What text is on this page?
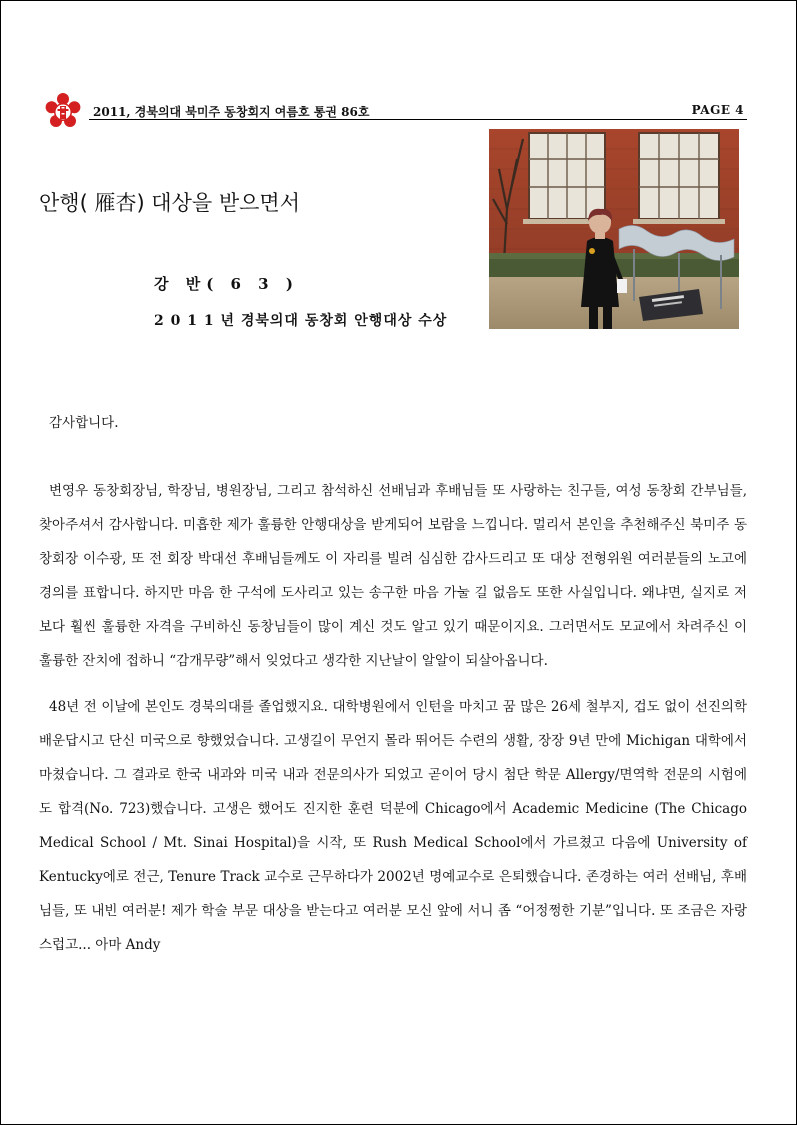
2011, 경북의대 북미주 동창회지 여름호 통권 86호	PAGE 4
안행( 雁杏) 대상을 받으면서
강 반( 6 3 )
2 0 1 1 년 경북의대 동창회 안행대상 수상

감사합니다.

변영우 동창회장님, 학장님, 병원장님, 그리고 참석하신 선배님과 후배님들 또 사랑하는 친구들, 여성 동창회 간부님들, 찾아주셔서 감사합니다. 미흡한 제가 훌륭한 안행대상을 받게되어 보람을 느낍니다. 멀리서 본인을 추천해주신 북미주 동창회장 이수광, 또 전 회장 박대선 후배님들께도 이 자리를 빌려 심심한 감사드리고 또 대상 전형위원 여러분들의 노고에 경의를 표합니다. 하지만 마음 한 구석에 도사리고 있는 송구한 마음 가눌 길 없음도 또한 사실입니다. 왜냐면, 실지로 저보다 훨씬 훌륭한 자격을 구비하신 동창님들이 많이 계신 것도 알고 있기 때문이지요. 그러면서도 모교에서 차려주신 이 훌륭한 잔치에 접하니 “감개무량”해서 잊었다고 생각한 지난날이 알알이 되살아옵니다.

48년 전 이날에 본인도 경북의대를 졸업했지요. 대학병원에서 인턴을 마치고 꿈 많은 26세 철부지, 겁도 없이 선진의학 배운답시고 단신 미국으로 향했었습니다. 고생길이 무언지 몰라 뛰어든 수련의 생활, 장장 9년 만에 Michigan 대학에서 마쳤습니다. 그 결과로 한국 내과와 미국 내과 전문의사가 되었고 곧이어 당시 첨단 학문 Allergy/면역학 전문의 시험에도 합격(No. 723)했습니다. 고생은 했어도 진지한 훈련 덕분에 Chicago에서 Academic Medicine (The Chicago Medical School / Mt. Sinai Hospital)을 시작, 또 Rush Medical School에서 가르쳤고 다음에 University of Kentucky에로 전근, Tenure Track 교수로 근무하다가 2002년 명예교수로 은퇴했습니다. 존경하는 여러 선배님, 후배님들, 또 내빈 여러분! 제가 학술 부문 대상을 받는다고 여러분 모신 앞에 서니 좀 “어정쩡한 기분”입니다. 또 조금은 자랑스럽고... 아마 Andy
